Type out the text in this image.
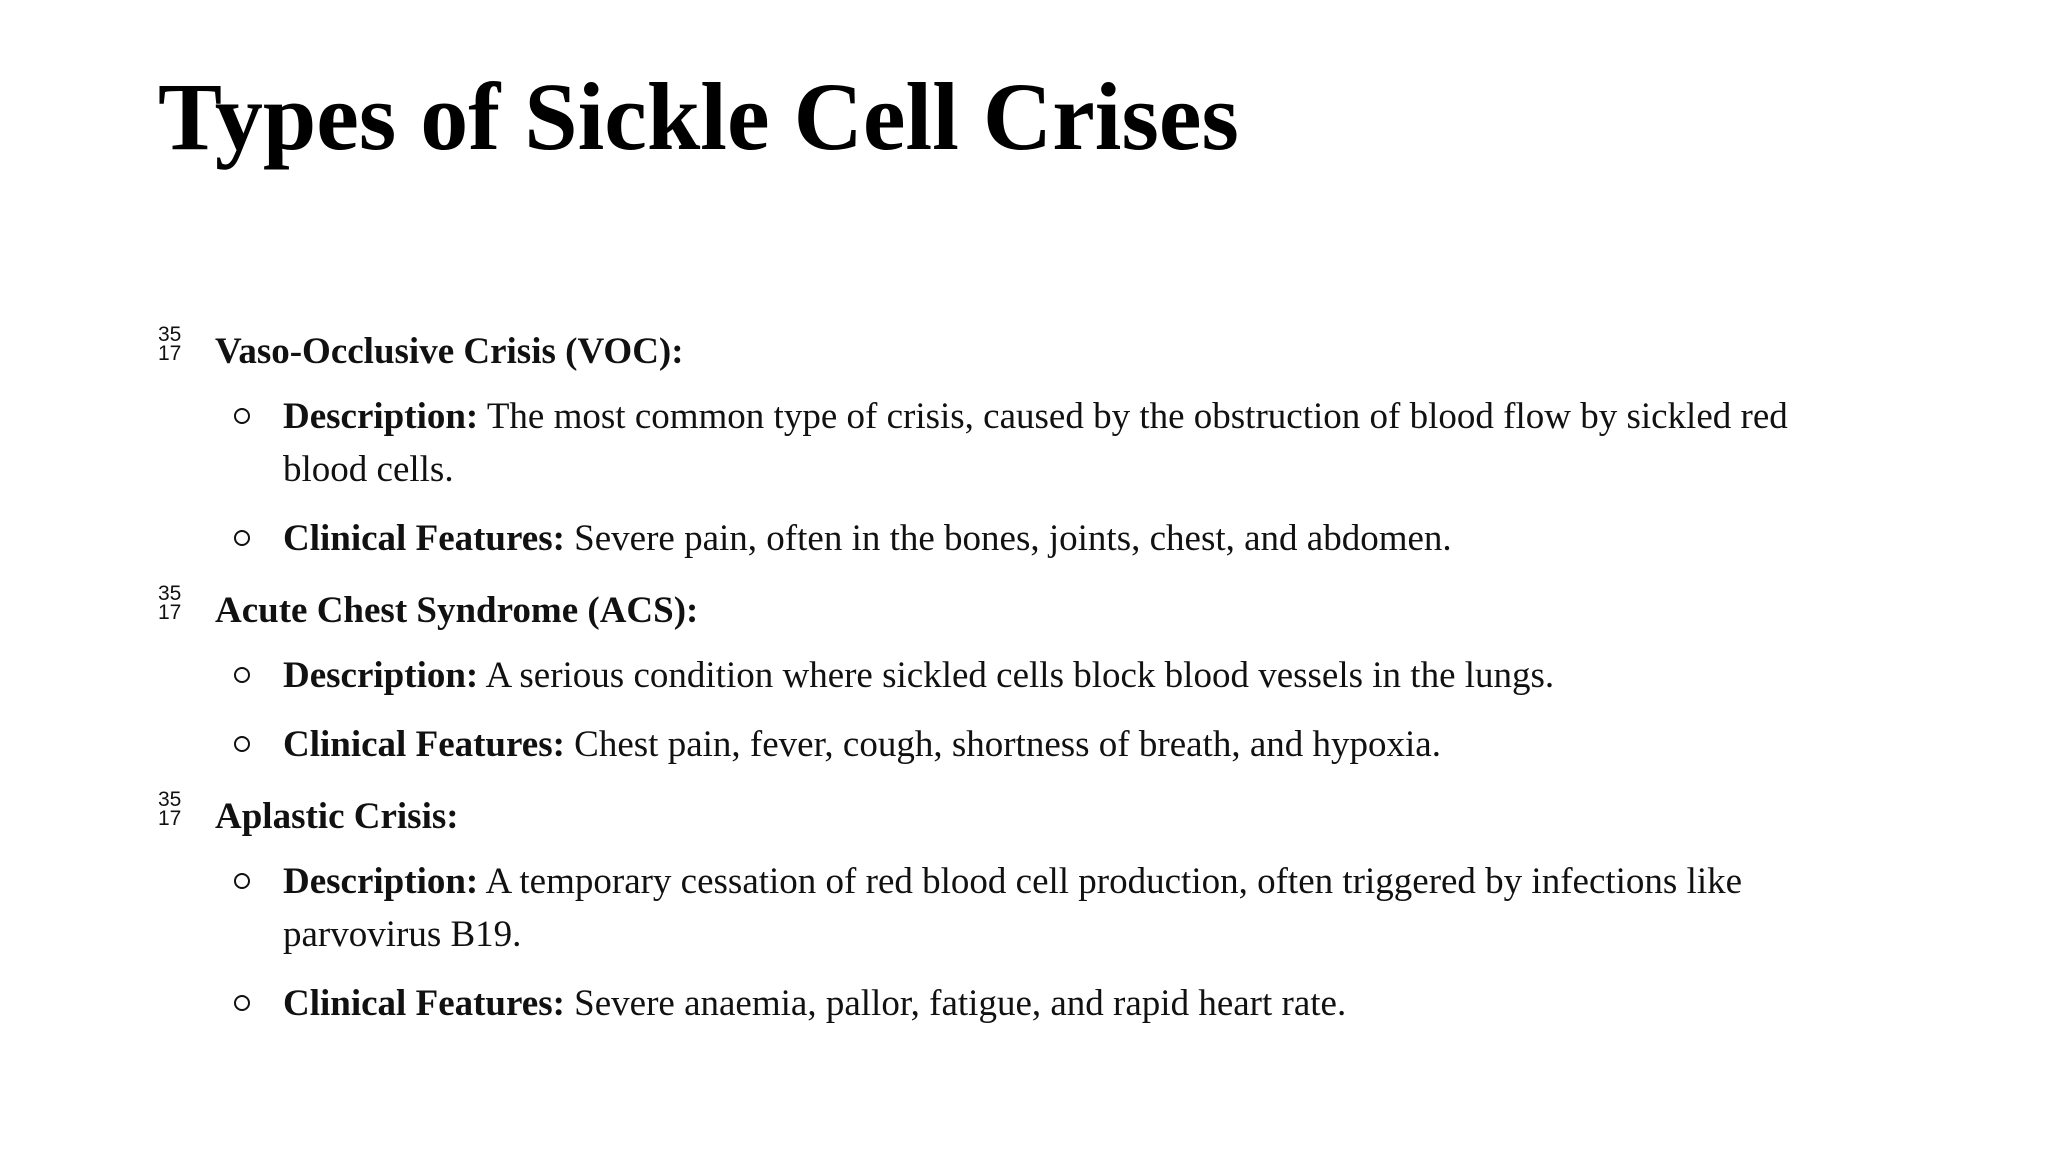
Types of Sickle Cell Crises
35
17 Vaso-Occlusive Crisis (VOC):
Description: The most common type of crisis, caused by the obstruction of blood flow by sickled red blood cells.
Clinical Features: Severe pain, often in the bones, joints, chest, and abdomen.
35
17 Acute Chest Syndrome (ACS):
Description: A serious condition where sickled cells block blood vessels in the lungs.
Clinical Features: Chest pain, fever, cough, shortness of breath, and hypoxia.
35
17 Aplastic Crisis:
Description: A temporary cessation of red blood cell production, often triggered by infections like parvovirus B19.
Clinical Features: Severe anaemia, pallor, fatigue, and rapid heart rate.
